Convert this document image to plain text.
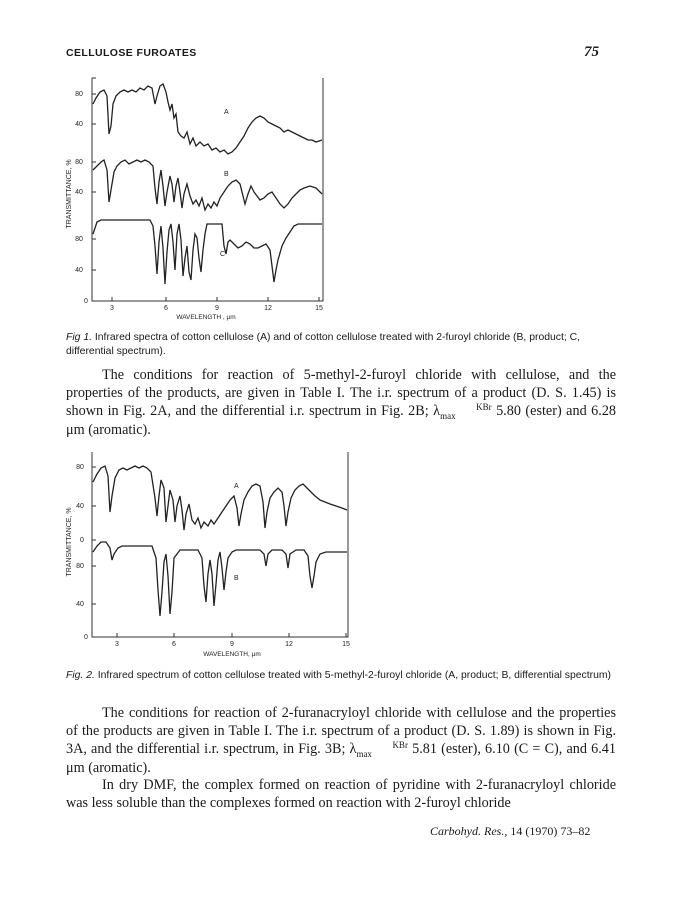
CELLULOSE FUROATES	75
80
40
80
40
80
40
0
3	6	9	12	15
WAVELENGTH , μm
TRANSMITTANCE, %
A
B
C
Fig 1. Infrared spectra of cotton cellulose (A) and of cotton cellulose treated with 2-furoyl chloride (B, product; C, differential spectrum).
The conditions for reaction of 5-methyl-2-furoyl chloride with cellulose, and the properties of the products, are given in Table I. The i.r. spectrum of a product (D. S. 1.45) is shown in Fig. 2A, and the differential i.r. spectrum in Fig. 2B; λ	KBr
max	5.80 (ester) and 6.28 μm (aromatic).
80
40
0
80
40
0
3	6	9	12	15
WAVELENGTH, μm
TRANSMITTANCE, %
A
B
Fig. 2. Infrared spectrum of cotton cellulose treated with 5-methyl-2-furoyl chloride (A, product; B, differential spectrum)
The conditions for reaction of 2-furanacryloyl chloride with cellulose and the properties of the products are given in Table I. The i.r. spectrum of a product (D. S. 1.89) is shown in Fig. 3A, and the differential i.r. spectrum, in Fig. 3B; λ	KBr
max	5.81 (ester), 6.10 (C = C), and 6.41 μm (aromatic).
In dry DMF, the complex formed on reaction of pyridine with 2-furanacryloyl chloride was less soluble than the complexes formed on reaction with 2-furoyl chloride
Carbohyd. Res., 14 (1970) 73–82
